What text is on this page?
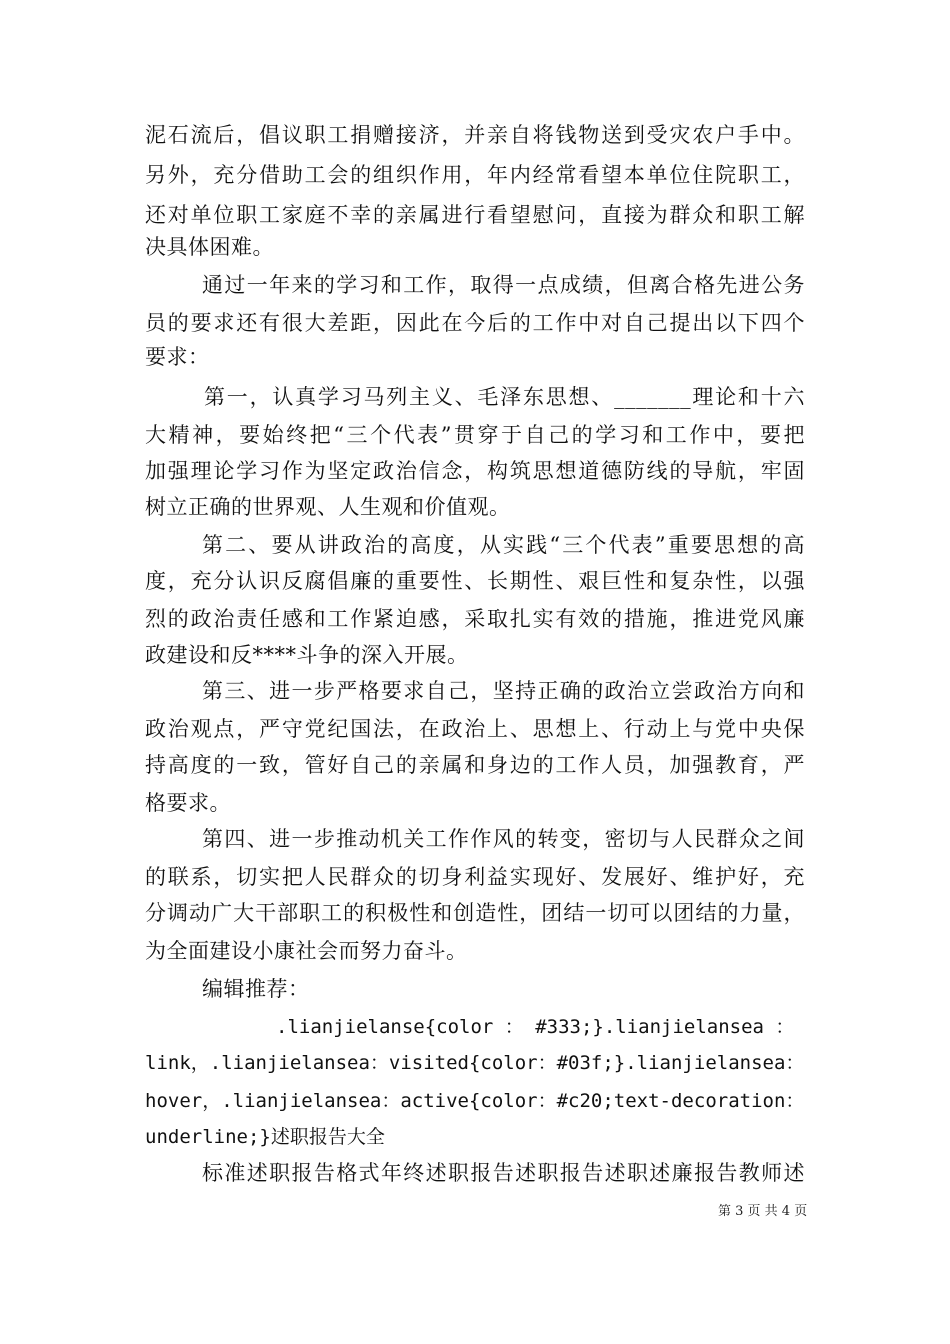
泥石流后，倡议职工捐赠接济，并亲自将钱物送到受灾农户手中。
另外，充分借助工会的组织作用，年内经常看望本单位住院职工，
还对单位职工家庭不幸的亲属进行看望慰问，直接为群众和职工解
决具体困难。
通过一年来的学习和工作，取得一点成绩，但离合格先进公务
员的要求还有很大差距，因此在今后的工作中对自己提出以下四个
要求：
第一，认真学习马列主义、毛泽东思想、_______理论和十六
大精神，要始终把“三个代表”贯穿于自己的学习和工作中，要把
加强理论学习作为坚定政治信念，构筑思想道德防线的导航，牢固
树立正确的世界观、人生观和价值观。
第二、要从讲政治的高度，从实践“三个代表”重要思想的高
度，充分认识反腐倡廉的重要性、长期性、艰巨性和复杂性，以强
烈的政治责任感和工作紧迫感，采取扎实有效的措施，推进党风廉
政建设和反****斗争的深入开展。
第三、进一步严格要求自己，坚持正确的政治立尝政治方向和
政治观点，严守党纪国法，在政治上、思想上、行动上与党中央保
持高度的一致，管好自己的亲属和身边的工作人员，加强教育，严
格要求。
第四、进一步推动机关工作作风的转变，密切与人民群众之间
的联系，切实把人民群众的切身利益实现好、发展好、维护好，充
分调动广大干部职工的积极性和创造性，团结一切可以团结的力量，
为全面建设小康社会而努力奋斗。
编辑推荐：
.lianjielanse{color ： #333;}.lianjielansea ：
link，.lianjielansea：visited{color：#03f;}.lianjielansea：
hover，.lianjielansea：active{color：#c20;text-decoration：
underline;}述职报告大全
标准述职报告格式年终述职报告述职报告述职述廉报告教师述
第 3 页 共 4 页
